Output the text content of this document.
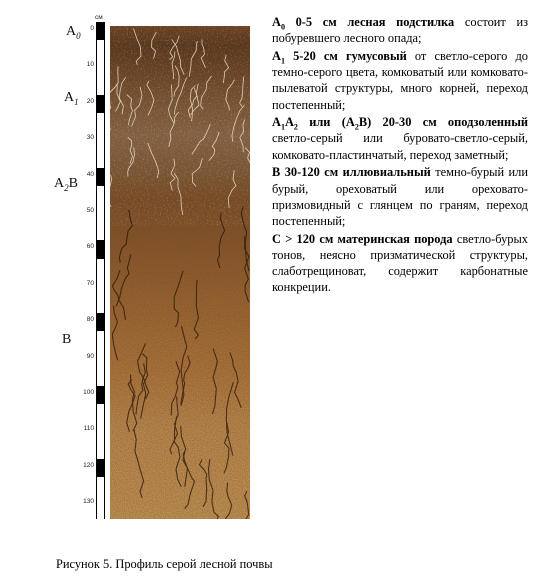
$A_0$
$A_1$
$A_2B$
B
см
0
10
20
30
40
50
60
70
80
90
100
110
120
130

$A_0$ 0-5 см лесная подстилка состоит из побуревшего лесного опада;

$A_1$ 5-20 см гумусовый от светло-серого до темно-серого цвета, комковатый или комковато-пылеватой структуры, много корней, переход постепенный;

$A_1A_2$ или $(A_2B)$ 20-30 см оподзоленный светло-серый или буровато-светло-серый, комковато-пластинчатый, переход заметный;

B 30-120 см иллювиальный темно-бурый или бурый, ореховатый или ореховато-призмовидный с глянцем по граням, переход постепенный;

C > 120 см материнская порода светло-бурых тонов, неясно призматической структуры, слаботрещиноват, содержит карбонатные конкреции.

Рисунок 5. Профиль серой лесной почвы
